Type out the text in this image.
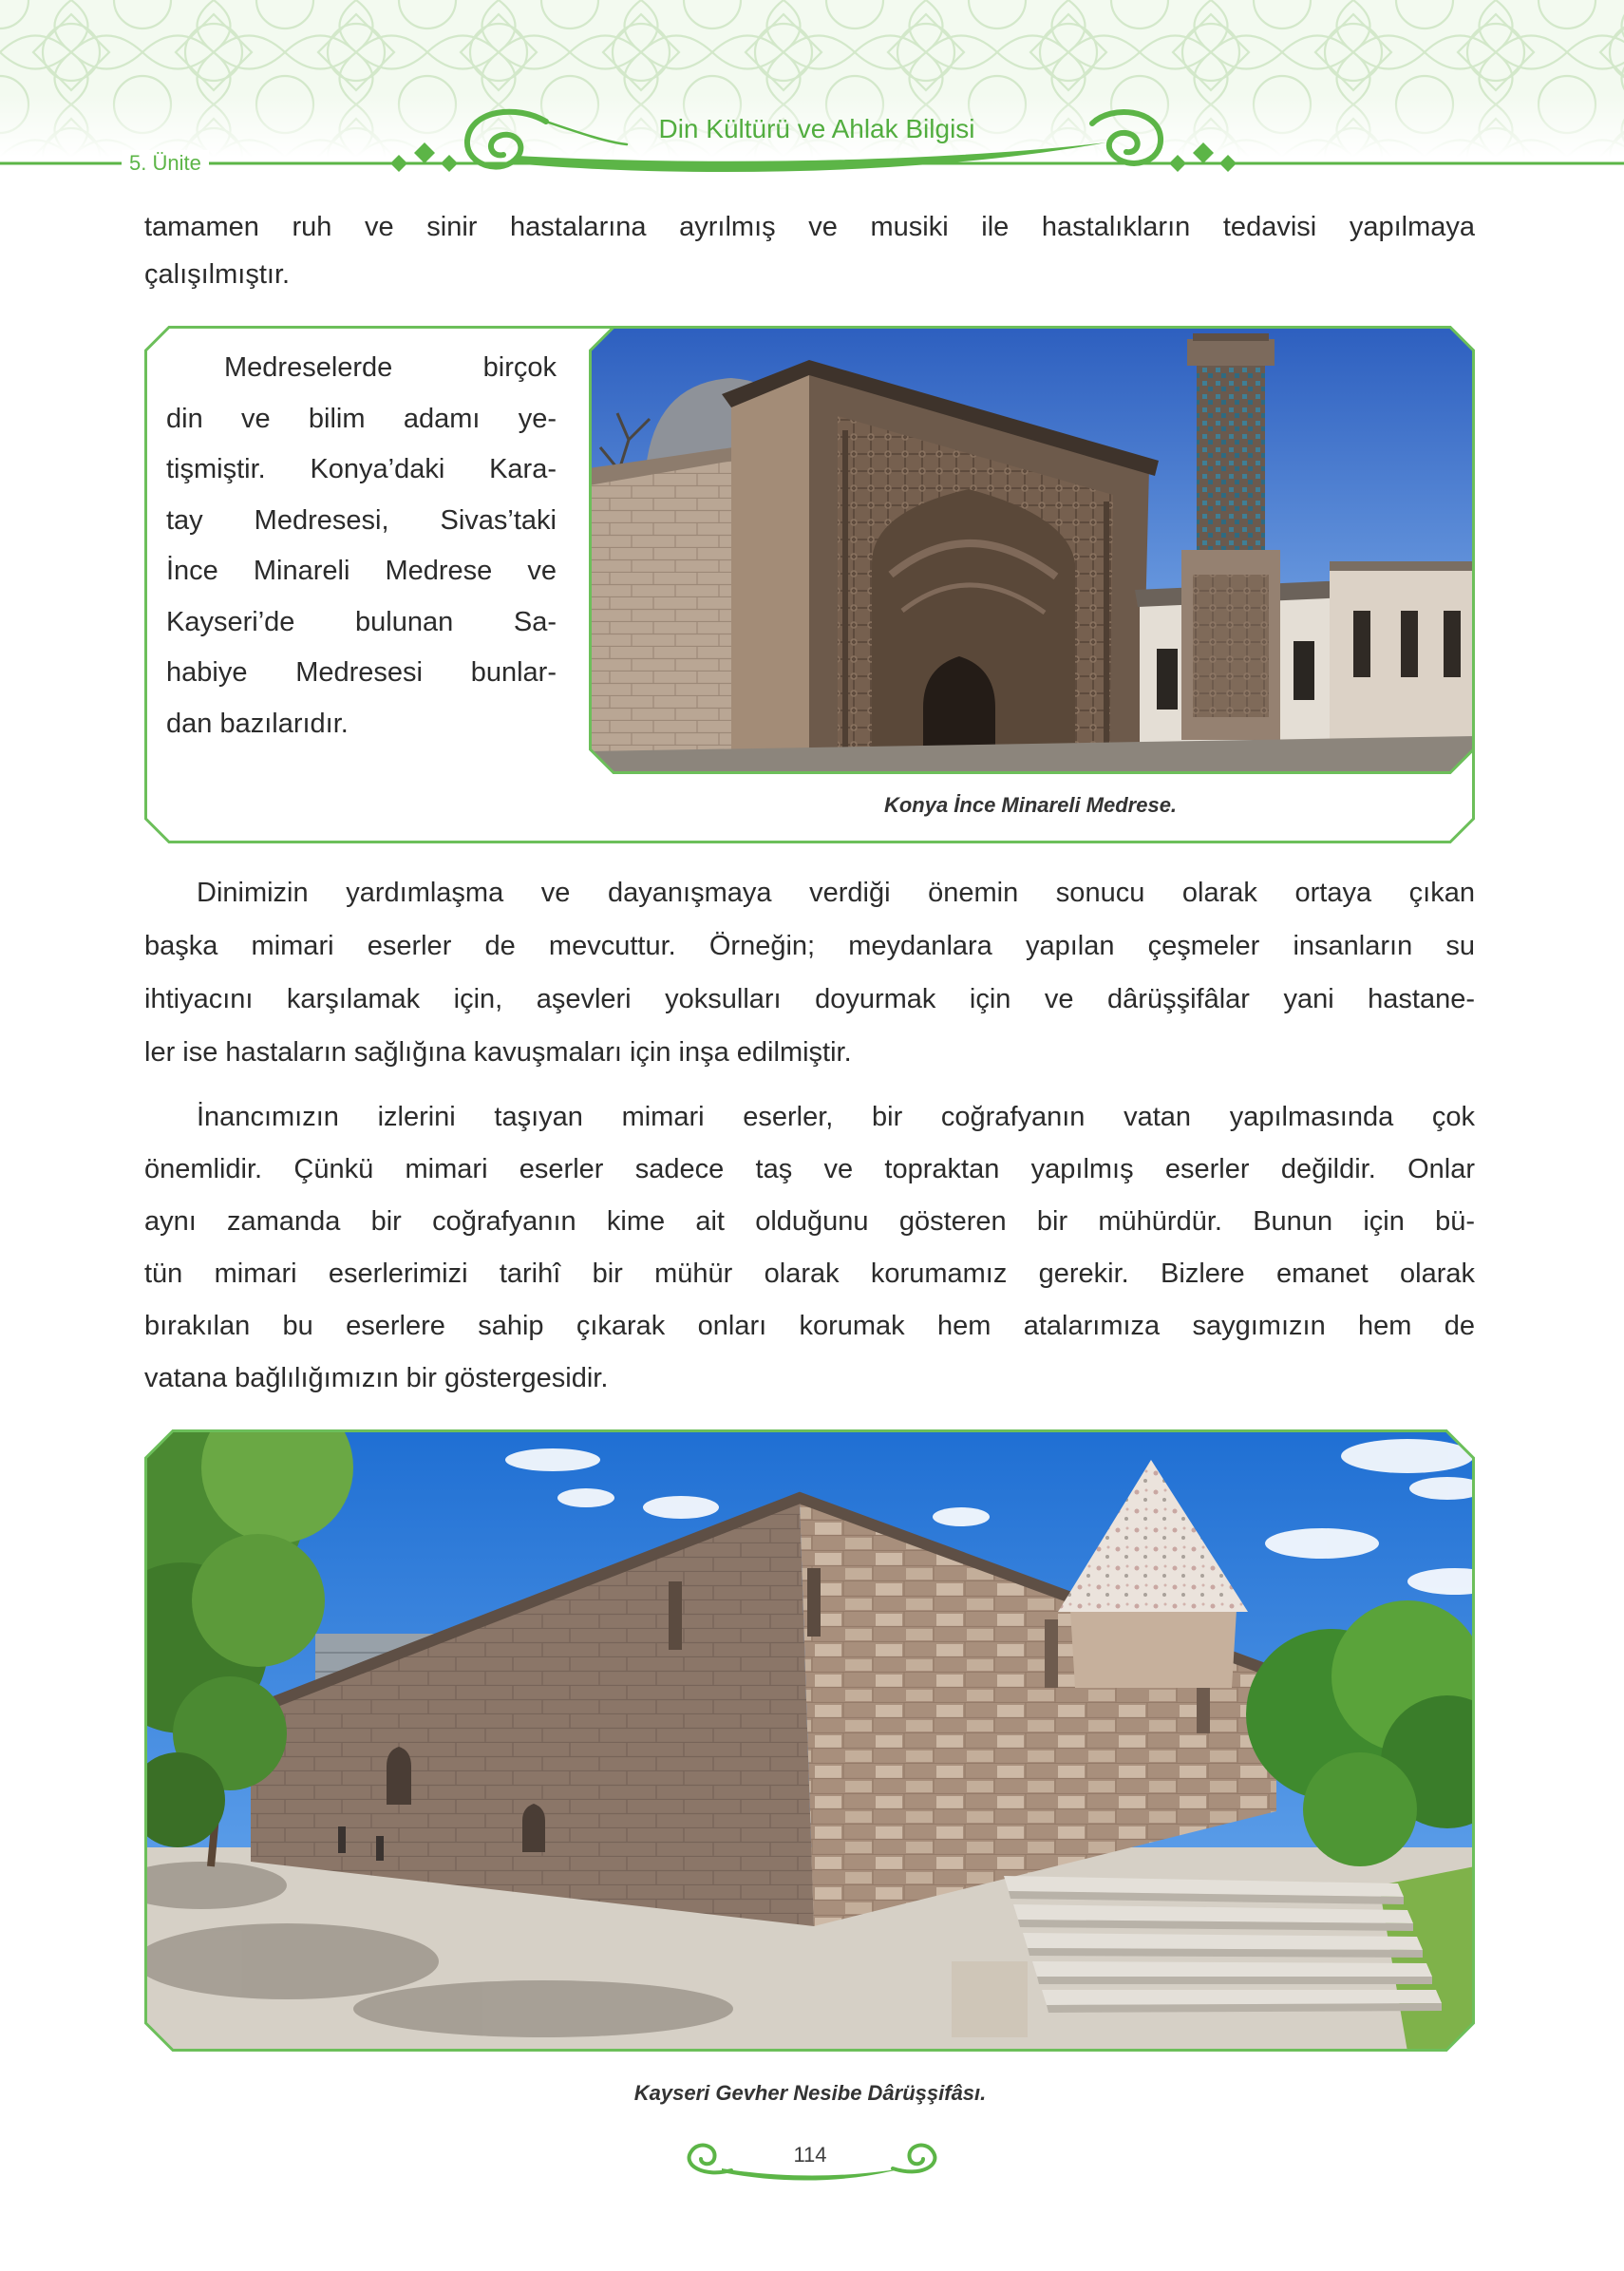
5. Ünite
Din Kültürü ve Ahlak Bilgisi
tamamen ruh ve sinir hastalarına ayrılmış ve musiki ile hastalıkların tedavisi yapılmaya
çalışılmıştır.
Medreselerde birçok
din ve bilim adamı ye-
tişmiştir. Konya’daki Kara-
tay Medresesi, Sivas’taki
İnce Minareli Medrese ve
Kayseri’de bulunan Sa-
habiye Medresesi bunlar-
dan bazılarıdır.
Konya İnce Minareli Medrese.
Dinimizin yardımlaşma ve dayanışmaya verdiği önemin sonucu olarak ortaya çıkan
başka mimari eserler de mevcuttur. Örneğin; meydanlara yapılan çeşmeler insanların su
ihtiyacını karşılamak için, aşevleri yoksulları doyurmak için ve dârüşşifâlar yani hastane-
ler ise hastaların sağlığına kavuşmaları için inşa edilmiştir.
İnancımızın izlerini taşıyan mimari eserler, bir coğrafyanın vatan yapılmasında çok
önemlidir. Çünkü mimari eserler sadece taş ve topraktan yapılmış eserler değildir. Onlar
aynı zamanda bir coğrafyanın kime ait olduğunu gösteren bir mühürdür. Bunun için bü-
tün mimari eserlerimizi tarihî bir mühür olarak korumamız gerekir. Bizlere emanet olarak
bırakılan bu eserlere sahip çıkarak onları korumak hem atalarımıza saygımızın hem de
vatana bağlılığımızın bir göstergesidir.
Kayseri Gevher Nesibe Dârüşşifâsı.
114
